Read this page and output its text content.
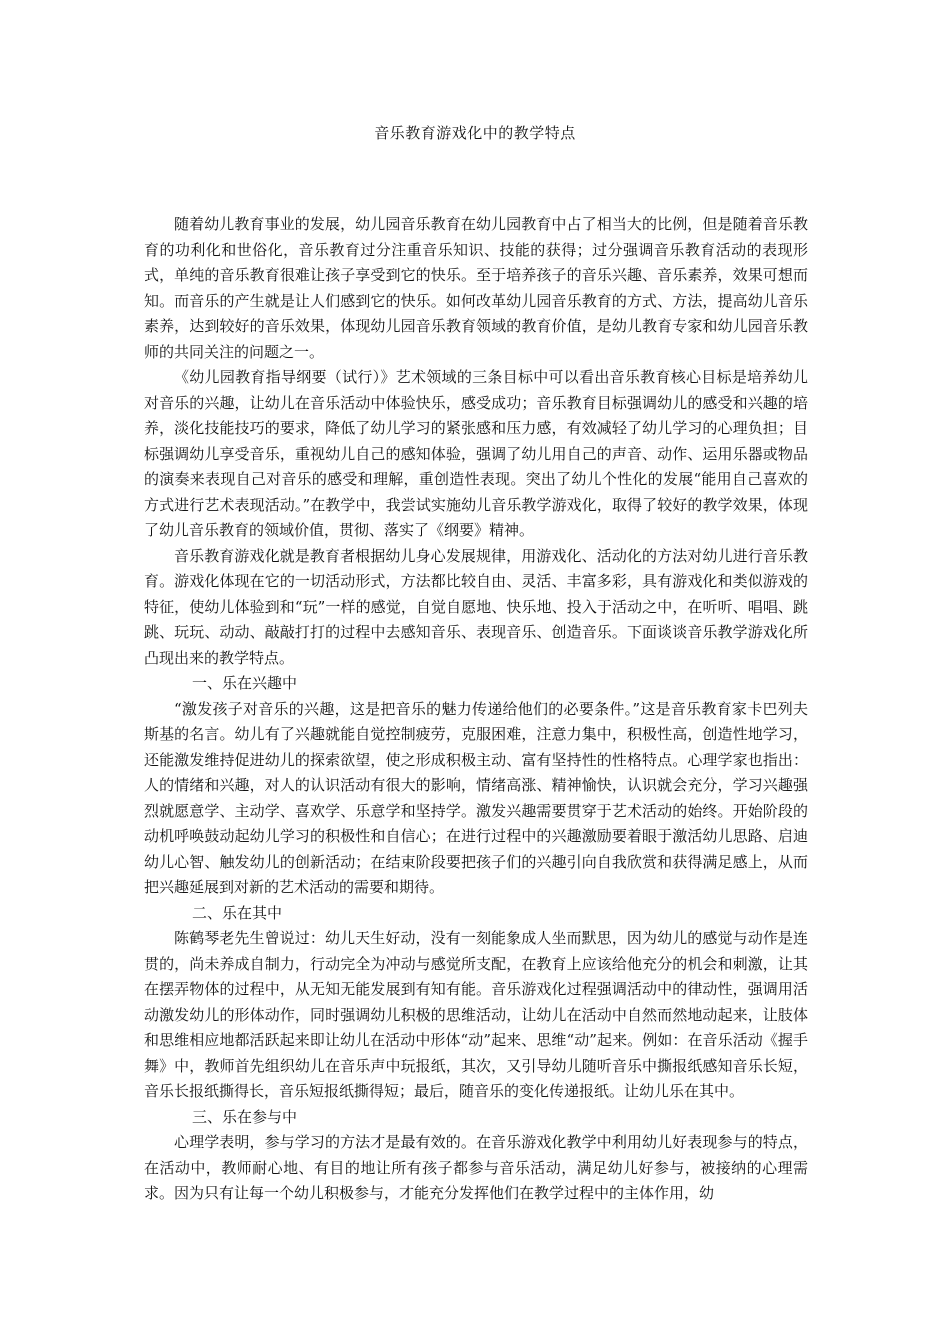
音乐教育游戏化中的教学特点

随着幼儿教育事业的发展，幼儿园音乐教育在幼儿园教育中占了相当大的比例，但是随着音乐教育的功利化和世俗化，音乐教育过分注重音乐知识、技能的获得；过分强调音乐教育活动的表现形式，单纯的音乐教育很难让孩子享受到它的快乐。至于培养孩子的音乐兴趣、音乐素养，效果可想而知。而音乐的产生就是让人们感到它的快乐。如何改革幼儿园音乐教育的方式、方法，提高幼儿音乐素养，达到较好的音乐效果，体现幼儿园音乐教育领域的教育价值，是幼儿教育专家和幼儿园音乐教师的共同关注的问题之一。

《幼儿园教育指导纲要（试行）》艺术领域的三条目标中可以看出音乐教育核心目标是培养幼儿对音乐的兴趣，让幼儿在音乐活动中体验快乐，感受成功；音乐教育目标强调幼儿的感受和兴趣的培养，淡化技能技巧的要求，降低了幼儿学习的紧张感和压力感，有效减轻了幼儿学习的心理负担；目标强调幼儿享受音乐，重视幼儿自己的感知体验，强调了幼儿用自己的声音、动作、运用乐器或物品的演奏来表现自己对音乐的感受和理解，重创造性表现。突出了幼儿个性化的发展“能用自己喜欢的方式进行艺术表现活动。”在教学中，我尝试实施幼儿音乐教学游戏化，取得了较好的教学效果，体现了幼儿音乐教育的领域价值，贯彻、落实了《纲要》精神。

音乐教育游戏化就是教育者根据幼儿身心发展规律，用游戏化、活动化的方法对幼儿进行音乐教育。游戏化体现在它的一切活动形式，方法都比较自由、灵活、丰富多彩，具有游戏化和类似游戏的特征，使幼儿体验到和“玩”一样的感觉，自觉自愿地、快乐地、投入于活动之中，在听听、唱唱、跳跳、玩玩、动动、敲敲打打的过程中去感知音乐、表现音乐、创造音乐。下面谈谈音乐教学游戏化所凸现出来的教学特点。

一、乐在兴趣中

“激发孩子对音乐的兴趣，这是把音乐的魅力传递给他们的必要条件。”这是音乐教育家卡巴列夫斯基的名言。幼儿有了兴趣就能自觉控制疲劳，克服困难，注意力集中，积极性高，创造性地学习，还能激发维持促进幼儿的探索欲望，使之形成积极主动、富有坚持性的性格特点。心理学家也指出：人的情绪和兴趣，对人的认识活动有很大的影响，情绪高涨、精神愉快，认识就会充分，学习兴趣强烈就愿意学、主动学、喜欢学、乐意学和坚持学。激发兴趣需要贯穿于艺术活动的始终。开始阶段的动机呼唤鼓动起幼儿学习的积极性和自信心；在进行过程中的兴趣激励要着眼于激活幼儿思路、启迪幼儿心智、触发幼儿的创新活动；在结束阶段要把孩子们的兴趣引向自我欣赏和获得满足感上，从而把兴趣延展到对新的艺术活动的需要和期待。

二、乐在其中

陈鹤琴老先生曾说过：幼儿天生好动，没有一刻能象成人坐而默思，因为幼儿的感觉与动作是连贯的，尚未养成自制力，行动完全为冲动与感觉所支配，在教育上应该给他充分的机会和刺激，让其在摆弄物体的过程中，从无知无能发展到有知有能。音乐游戏化过程强调活动中的律动性，强调用活动激发幼儿的形体动作，同时强调幼儿积极的思维活动，让幼儿在活动中自然而然地动起来，让肢体和思维相应地都活跃起来即让幼儿在活动中形体“动”起来、思维“动”起来。例如：在音乐活动《握手舞》中，教师首先组织幼儿在音乐声中玩报纸，其次，又引导幼儿随听音乐中撕报纸感知音乐长短，音乐长报纸撕得长，音乐短报纸撕得短；最后，随音乐的变化传递报纸。让幼儿乐在其中。

三、乐在参与中

心理学表明，参与学习的方法才是最有效的。在音乐游戏化教学中利用幼儿好表现参与的特点，在活动中，教师耐心地、有目的地让所有孩子都参与音乐活动，满足幼儿好参与，被接纳的心理需求。因为只有让每一个幼儿积极参与，才能充分发挥他们在教学过程中的主体作用，幼
